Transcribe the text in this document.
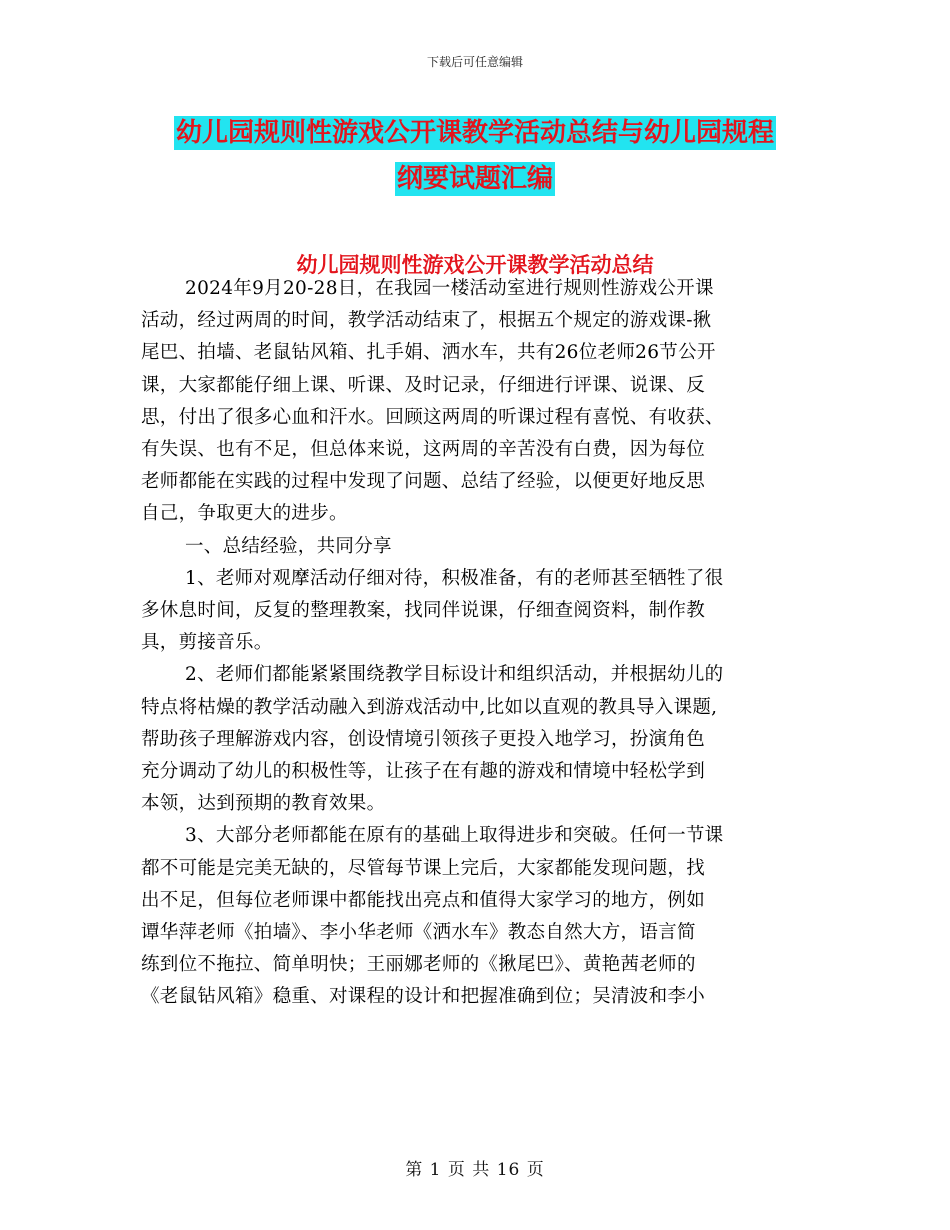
下载后可任意编辑
幼儿园规则性游戏公开课教学活动总结与幼儿园规程
纲要试题汇编
幼儿园规则性游戏公开课教学活动总结
2024年9月20-28日，在我园一楼活动室进行规则性游戏公开课
活动，经过两周的时间，教学活动结束了，根据五个规定的游戏课-揪
尾巴、拍墙、老鼠钻风箱、扎手娟、洒水车，共有26位老师26节公开
课，大家都能仔细上课、听课、及时记录，仔细进行评课、说课、反
思，付出了很多心血和汗水。回顾这两周的听课过程有喜悦、有收获、
有失误、也有不足，但总体来说，这两周的辛苦没有白费，因为每位
老师都能在实践的过程中发现了问题、总结了经验，以便更好地反思
自己，争取更大的进步。
一、总结经验，共同分享
1、老师对观摩活动仔细对待，积极准备，有的老师甚至牺牲了很
多休息时间，反复的整理教案，找同伴说课，仔细查阅资料，制作教
具，剪接音乐。
2、老师们都能紧紧围绕教学目标设计和组织活动，并根据幼儿的
特点将枯燥的教学活动融入到游戏活动中,比如以直观的教具导入课题,
帮助孩子理解游戏内容，创设情境引领孩子更投入地学习，扮演角色
充分调动了幼儿的积极性等，让孩子在有趣的游戏和情境中轻松学到
本领，达到预期的教育效果。
3、大部分老师都能在原有的基础上取得进步和突破。任何一节课
都不可能是完美无缺的，尽管每节课上完后，大家都能发现问题，找
出不足，但每位老师课中都能找出亮点和值得大家学习的地方，例如
谭华萍老师《拍墙》、李小华老师《洒水车》教态自然大方，语言简
练到位不拖拉、简单明快；王丽娜老师的《揪尾巴》、黄艳茜老师的
《老鼠钻风箱》稳重、对课程的设计和把握准确到位；吴清波和李小
第 1 页 共 16 页
